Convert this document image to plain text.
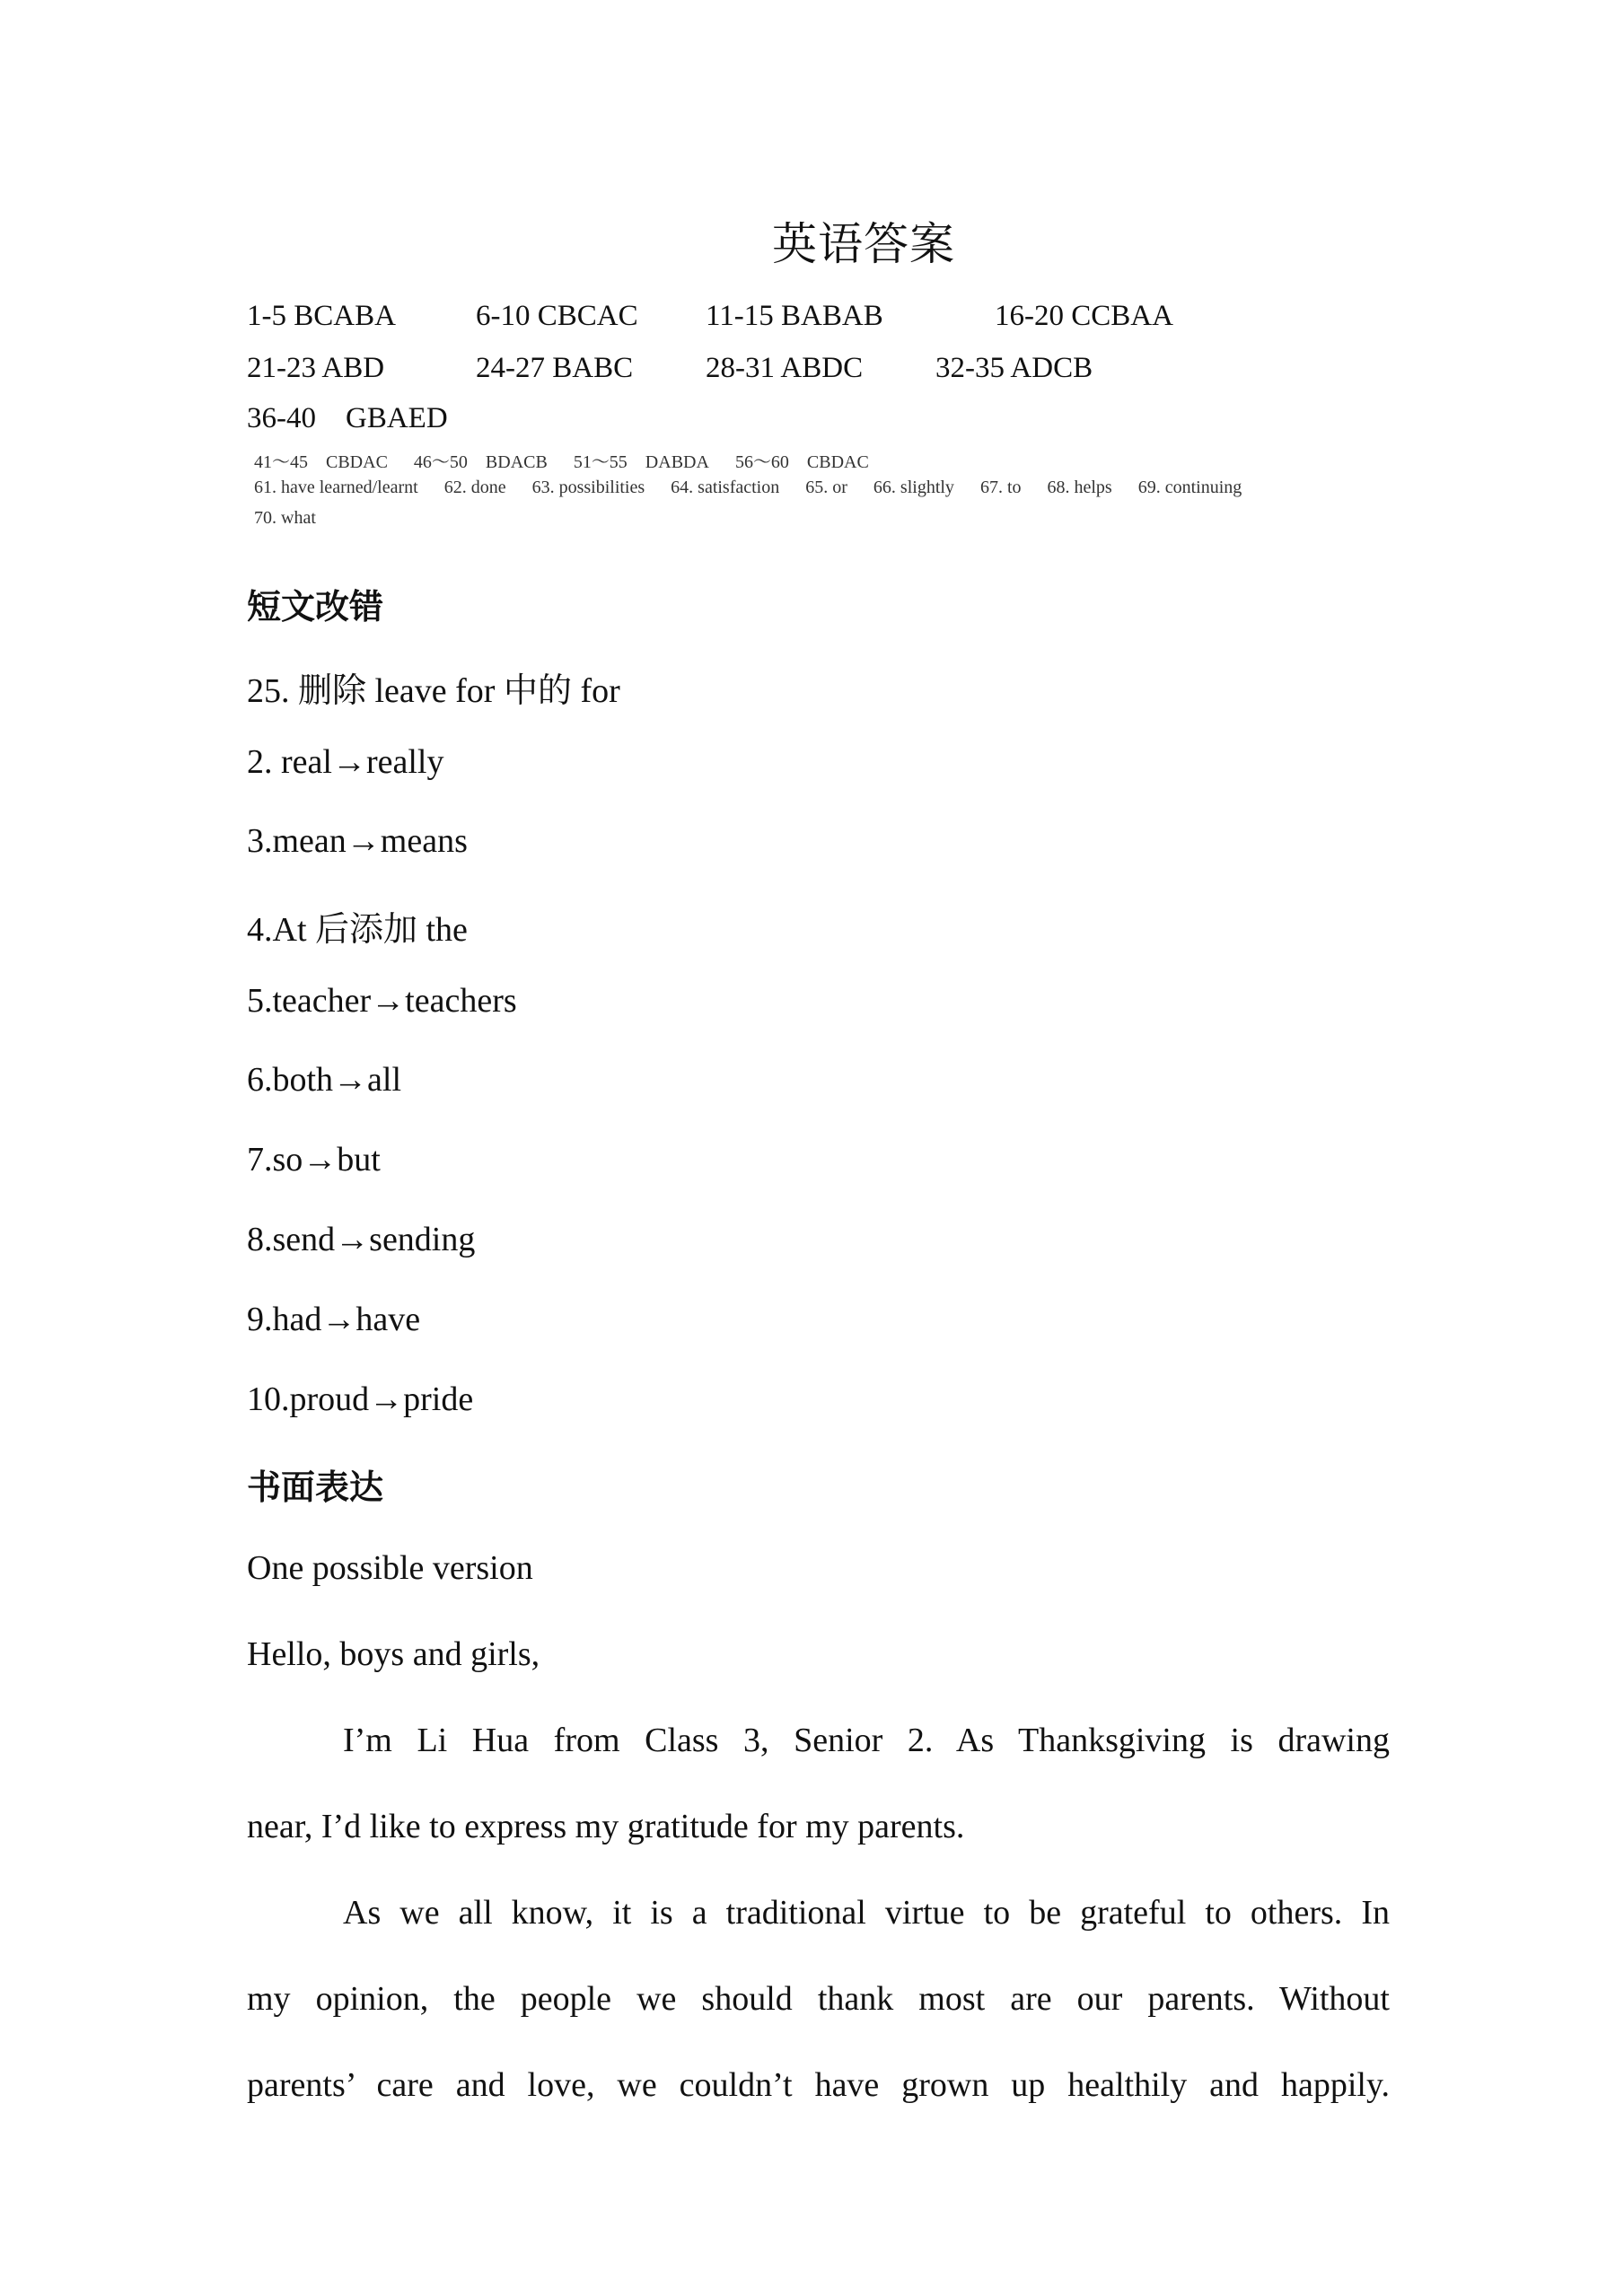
英语答案
1-5 BCABA	6-10 CBCAC 11-15 BABAB	16-20 CCBAA
21-23 ABD	24-27 BABC 28-31 ABDC 32-35 ADCB
36-40　GBAED
41～45　CBDAC 46～50　BDACB 51～55　DABDA 56～60　CBDAC
61. have learned/learnt 62. done 63. possibilities 64. satisfaction 65. or 66. slightly 67. to 68. helps 69. continuing
70. what
短文改错
25. 删除 leave for 中的 for
2. real→really
3.mean→means
4.At 后添加 the
5.teacher→teachers
6.both→all
7.so→but
8.send→sending
9.had→have
10.proud→pride
书面表达
One possible version
Hello, boys and girls,
I’m Li Hua from Class 3, Senior 2. As Thanksgiving is drawing
near, I’d like to express my gratitude for my parents.
As we all know, it is a traditional virtue to be grateful to others. In
my opinion, the people we should thank most are our parents. Without
parents’ care and love, we couldn’t have grown up healthily and happily.
